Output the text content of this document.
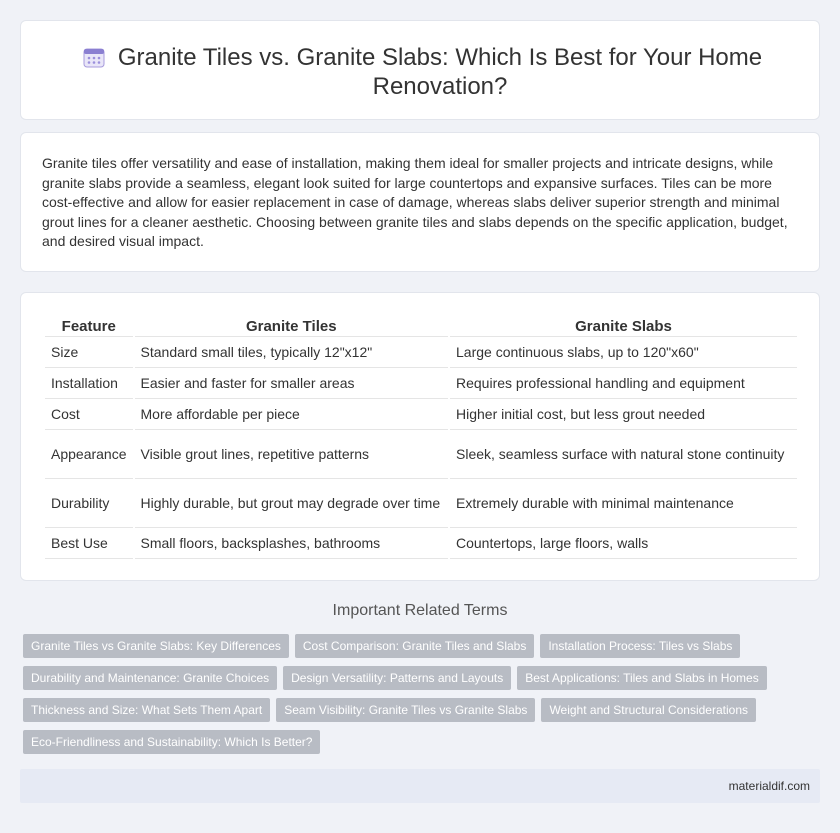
Granite Tiles vs. Granite Slabs: Which Is Best for Your Home Renovation?

Granite tiles offer versatility and ease of installation, making them ideal for smaller projects and intricate designs, while granite slabs provide a seamless, elegant look suited for large countertops and expansive surfaces. Tiles can be more cost-effective and allow for easier replacement in case of damage, whereas slabs deliver superior strength and minimal grout lines for a cleaner aesthetic. Choosing between granite tiles and slabs depends on the specific application, budget, and desired visual impact.

Feature	Granite Tiles	Granite Slabs
Size	Standard small tiles, typically 12"x12"	Large continuous slabs, up to 120"x60"
Installation	Easier and faster for smaller areas	Requires professional handling and equipment
Cost	More affordable per piece	Higher initial cost, but less grout needed
Appearance	Visible grout lines, repetitive patterns	Sleek, seamless surface with natural stone continuity
Durability	Highly durable, but grout may degrade over time	Extremely durable with minimal maintenance
Best Use	Small floors, backsplashes, bathrooms	Countertops, large floors, walls
Important Related Terms
Granite Tiles vs Granite Slabs: Key Differences	Cost Comparison: Granite Tiles and Slabs	Installation Process: Tiles vs Slabs
Durability and Maintenance: Granite Choices	Design Versatility: Patterns and Layouts	Best Applications: Tiles and Slabs in Homes
Thickness and Size: What Sets Them Apart	Seam Visibility: Granite Tiles vs Granite Slabs	Weight and Structural Considerations
Eco-Friendliness and Sustainability: Which Is Better?
materialdif.com
